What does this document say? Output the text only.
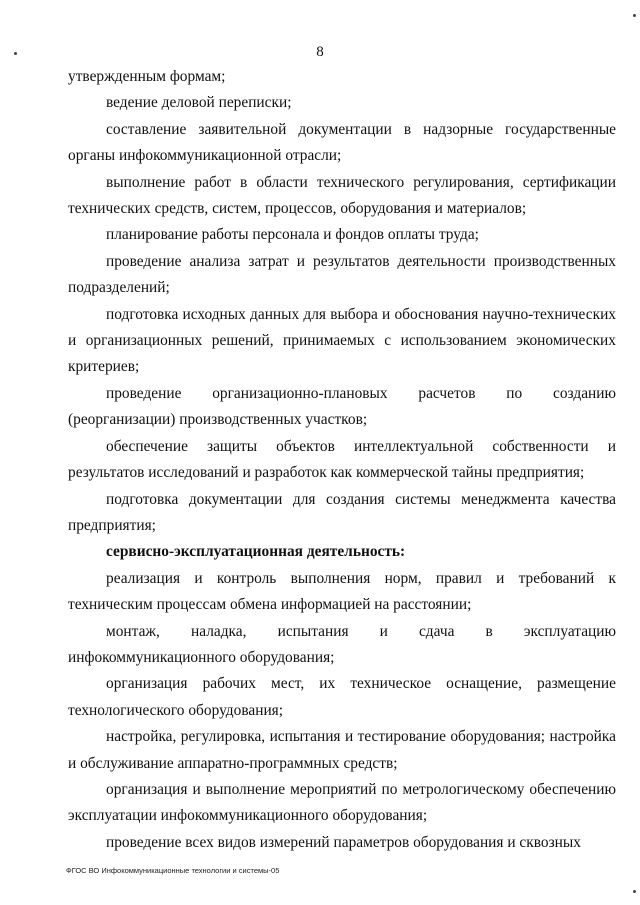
8

утвержденным формам;

ведение деловой переписки;

составление заявительной документации в надзорные государственные органы инфокоммуникационной отрасли;

выполнение работ в области технического регулирования, сертификации технических средств, систем, процессов, оборудования и материалов;

планирование работы персонала и фондов оплаты труда;

проведение анализа затрат и результатов деятельности производственных подразделений;

подготовка исходных данных для выбора и обоснования научно-технических и организационных решений, принимаемых с использованием экономических критериев;

проведение организационно-плановых расчетов по созданию (реорганизации) производственных участков;

обеспечение защиты объектов интеллектуальной собственности и результатов исследований и разработок как коммерческой тайны предприятия;

подготовка документации для создания системы менеджмента качества предприятия;

сервисно-эксплуатационная деятельность:

реализация и контроль выполнения норм, правил и требований к техническим процессам обмена информацией на расстоянии;

монтаж, наладка, испытания и сдача в эксплуатацию инфокоммуникационного оборудования;

организация рабочих мест, их техническое оснащение, размещение технологического оборудования;

настройка, регулировка, испытания и тестирование оборудования; настройка и обслуживание аппаратно-программных средств;

организация и выполнение мероприятий по метрологическому обеспечению эксплуатации инфокоммуникационного оборудования;

проведение всех видов измерений параметров оборудования и сквозных

ФГОС ВО Инфокоммуникационные технологии и системы-05
